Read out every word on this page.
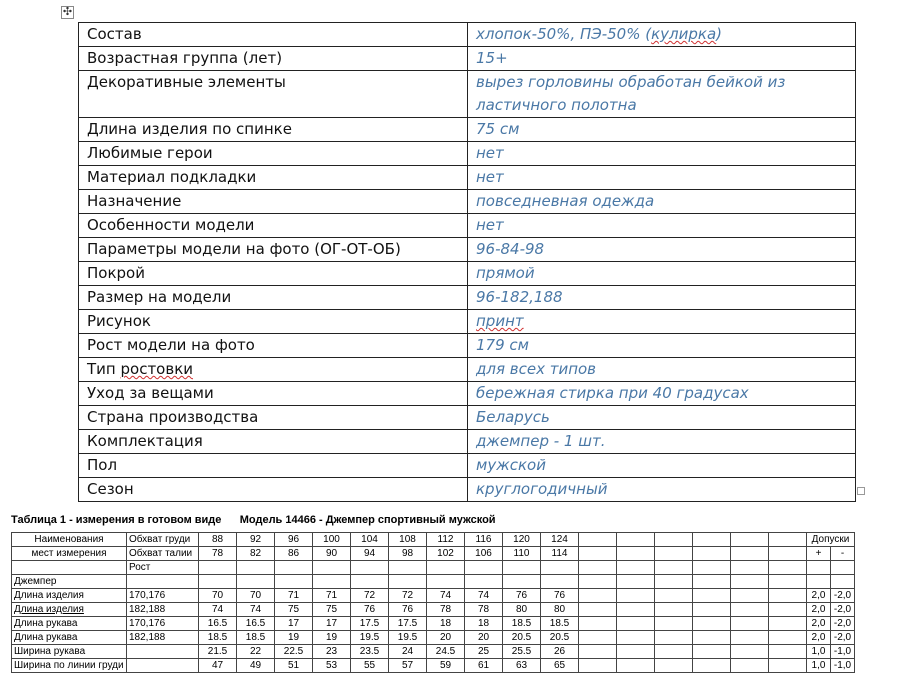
✣
Состав	хлопок-50%, ПЭ-50% (кулирка)
Возрастная группа (лет)	15+
Декоративные элементы	вырез горловины обработан бейкой из ластичного полотна
Длина изделия по спинке	75 см
Любимые герои	нет
Материал подкладки	нет
Назначение	повседневная одежда
Особенности модели	нет
Параметры модели на фото (ОГ-ОТ-ОБ)	96-84-98
Покрой	прямой
Размер на модели	96-182,188
Рисунок	принт
Рост модели на фото	179 см
Тип ростовки	для всех типов
Уход за вещами	бережная стирка при 40 градусах
Страна производства	Беларусь
Комплектация	джемпер - 1 шт.
Пол	мужской
Сезон	круглогодичный
Таблица 1 - измерения в готовом виде      Модель 14466 - Джемпер спортивный мужской
Наименования	Обхват груди	88	92	96	100	104	108	112	116	120	124							Допуски	
мест измерения	Обхват талии	78	82	86	90	94	98	102	106	110	114							+	-
	Рост																		
Джемпер																			
Длина изделия	170,176	70	70	71	71	72	72	74	74	76	76							2,0	-2,0
Длина изделия	182,188	74	74	75	75	76	76	78	78	80	80							2,0	-2,0
Длина рукава	170,176	16.5	16.5	17	17	17.5	17.5	18	18	18.5	18.5							2,0	-2,0
Длина рукава	182,188	18.5	18.5	19	19	19.5	19.5	20	20	20.5	20.5							2,0	-2,0
Ширина рукава		21.5	22	22.5	23	23.5	24	24.5	25	25.5	26							1,0	-1,0
Ширина по линии груди		47	49	51	53	55	57	59	61	63	65							1,0	-1,0
